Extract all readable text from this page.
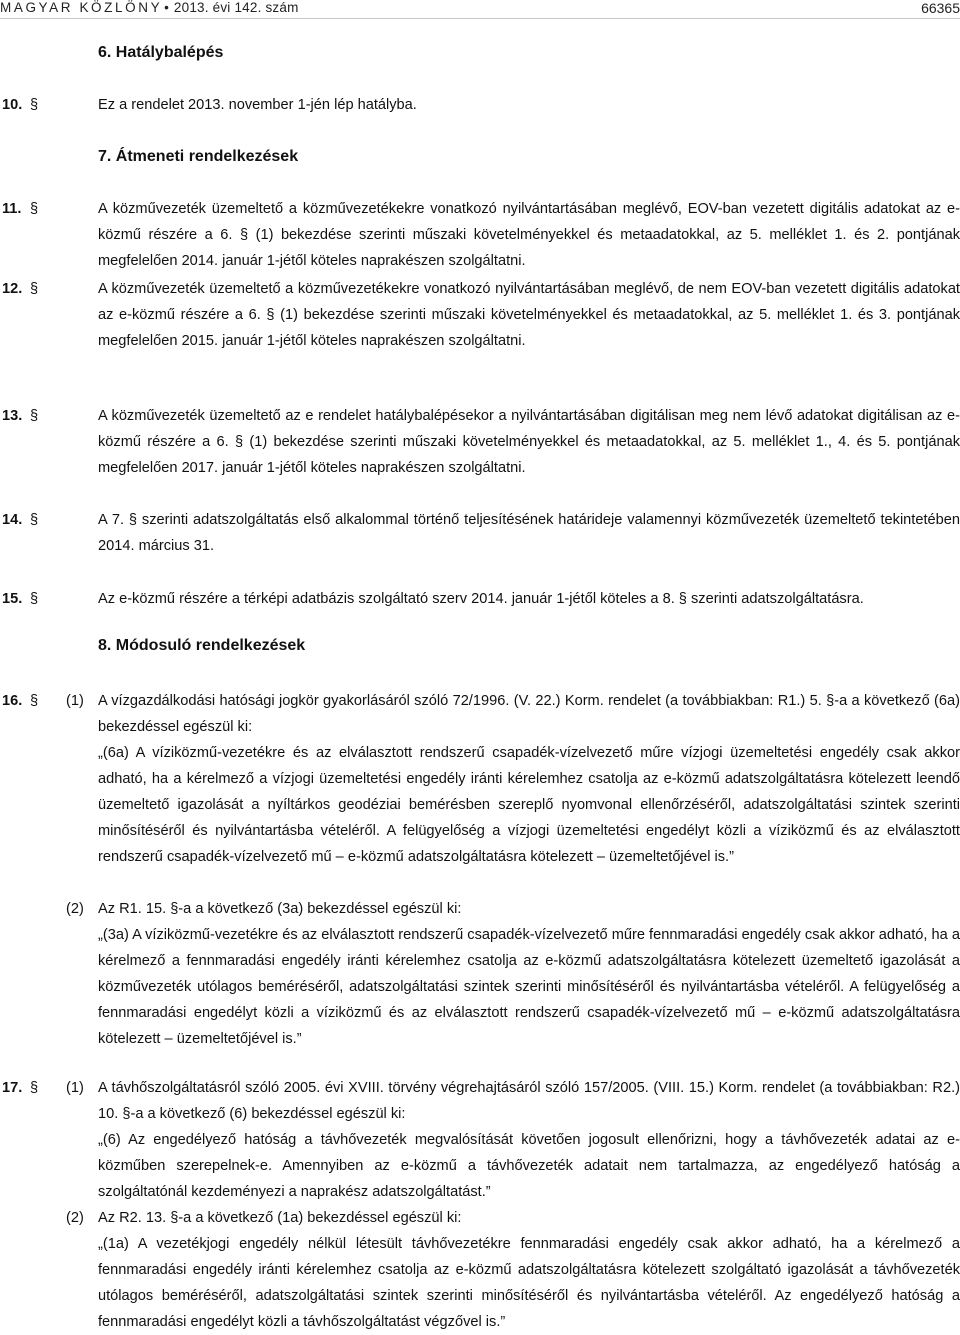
MAGYAR KÖZLÖNY • 2013. évi 142. szám	66365
6. Hatálybalépés
10. §	Ez a rendelet 2013. november 1-jén lép hatályba.
7. Átmeneti rendelkezések
11. §	A közművezeték üzemeltető a közművezetékekre vonatkozó nyilvántartásában meglévő, EOV-ban vezetett digitális adatokat az e-közmű részére a 6. § (1) bekezdése szerinti műszaki követelményekkel és metaadatokkal, az 5. melléklet 1. és 2. pontjának megfelelően 2014. január 1-jétől köteles naprakészen szolgáltatni.
12. §	A közművezeték üzemeltető a közművezetékekre vonatkozó nyilvántartásában meglévő, de nem EOV-ban vezetett digitális adatokat az e-közmű részére a 6. § (1) bekezdése szerinti műszaki követelményekkel és metaadatokkal, az 5. melléklet 1. és 3. pontjának megfelelően 2015. január 1-jétől köteles naprakészen szolgáltatni.
13. §	A közművezeték üzemeltető az e rendelet hatálybalépésekor a nyilvántartásában digitálisan meg nem lévő adatokat digitálisan az e-közmű részére a 6. § (1) bekezdése szerinti műszaki követelményekkel és metaadatokkal, az 5. melléklet 1., 4. és 5. pontjának megfelelően 2017. január 1-jétől köteles naprakészen szolgáltatni.
14. §	A 7. § szerinti adatszolgáltatás első alkalommal történő teljesítésének határideje valamennyi közművezeték üzemeltető tekintetében 2014. március 31.
15. §	Az e-közmű részére a térképi adatbázis szolgáltató szerv 2014. január 1-jétől köteles a 8. § szerinti adatszolgáltatásra.
8. Módosuló rendelkezések
16. § (1) A vízgazdálkodási hatósági jogkör gyakorlásáról szóló 72/1996. (V. 22.) Korm. rendelet (a továbbiakban: R1.) 5. §-a a következő (6a) bekezdéssel egészül ki:
„(6a) A víziközmű-vezetékre és az elválasztott rendszerű csapadék-vízelvezető műre vízjogi üzemeltetési engedély csak akkor adható, ha a kérelmező a vízjogi üzemeltetési engedély iránti kérelemhez csatolja az e-közmű adatszolgáltatásra kötelezett leendő üzemeltető igazolását a nyíltárkos geodéziai bemérésben szereplő nyomvonal ellenőrzéséről, adatszolgáltatási szintek szerinti minősítéséről és nyilvántartásba vételéről. A felügyelőség a vízjogi üzemeltetési engedélyt közli a víziközmű és az elválasztott rendszerű csapadék-vízelvezető mű – e-közmű adatszolgáltatásra kötelezett – üzemeltetőjével is.”
(2) Az R1. 15. §-a a következő (3a) bekezdéssel egészül ki:
„(3a) A víziközmű-vezetékre és az elválasztott rendszerű csapadék-vízelvezető műre fennmaradási engedély csak akkor adható, ha a kérelmező a fennmaradási engedély iránti kérelemhez csatolja az e-közmű adatszolgáltatásra kötelezett üzemeltető igazolását a közművezeték utólagos beméréséről, adatszolgáltatási szintek szerinti minősítéséről és nyilvántartásba vételéről. A felügyelőség a fennmaradási engedélyt közli a víziközmű és az elválasztott rendszerű csapadék-vízelvezető mű – e-közmű adatszolgáltatásra kötelezett – üzemeltetőjével is.”
17. § (1) A távhőszolgáltatásról szóló 2005. évi XVIII. törvény végrehajtásáról szóló 157/2005. (VIII. 15.) Korm. rendelet (a továbbiakban: R2.) 10. §-a a következő (6) bekezdéssel egészül ki:
„(6) Az engedélyező hatóság a távhővezeték megvalósítását követően jogosult ellenőrizni, hogy a távhővezeték adatai az e-közműben szerepelnek-e. Amennyiben az e-közmű a távhővezeték adatait nem tartalmazza, az engedélyező hatóság a szolgáltatónál kezdeményezi a naprakész adatszolgáltatást.”
(2) Az R2. 13. §-a a következő (1a) bekezdéssel egészül ki:
„(1a) A vezetékjogi engedély nélkül létesült távhővezetékre fennmaradási engedély csak akkor adható, ha a kérelmező a fennmaradási engedély iránti kérelemhez csatolja az e-közmű adatszolgáltatásra kötelezett szolgáltató igazolását a távhővezeték utólagos beméréséről, adatszolgáltatási szintek szerinti minősítéséről és nyilvántartásba vételéről. Az engedélyező hatóság a fennmaradási engedélyt közli a távhőszolgáltatást végzővel is.”
